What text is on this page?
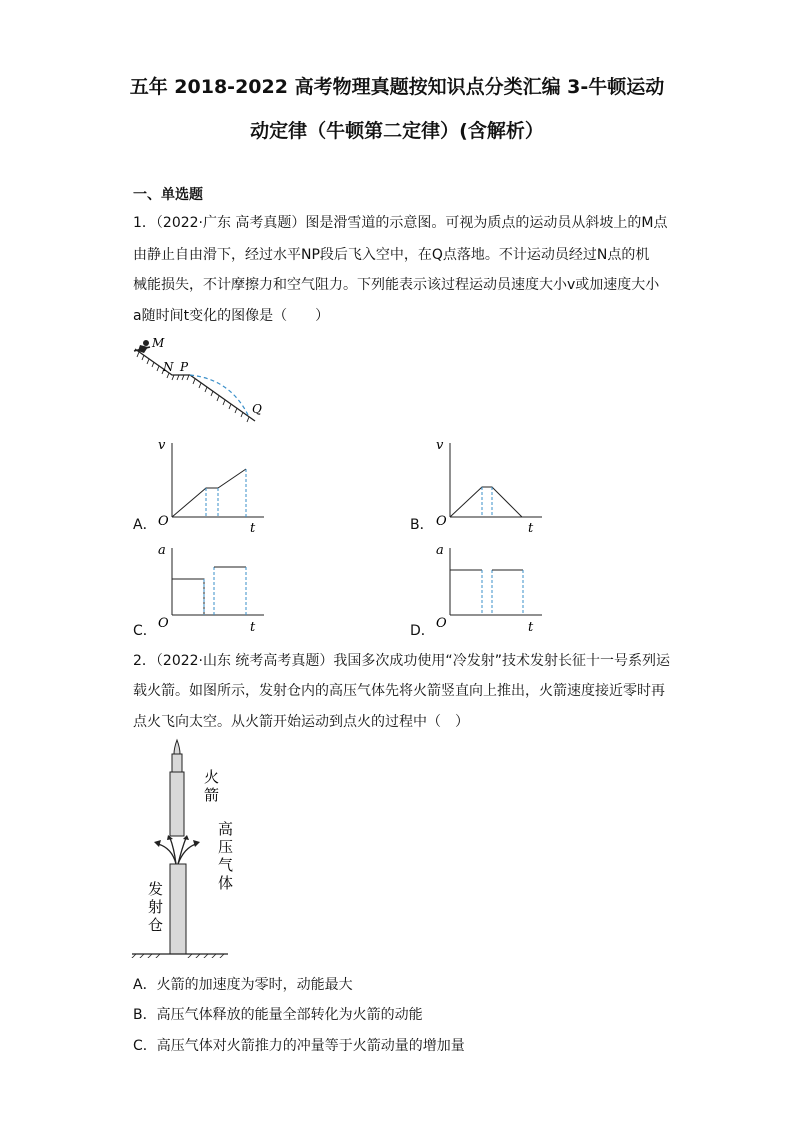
五年 2018-2022 高考物理真题按知识点分类汇编 3-牛顿运动
动定律（牛顿第二定律）(含解析）
一、单选题
1．（2022·广东 高考真题）图是滑雪道的示意图。可视为质点的运动员从斜坡上的M点
由静止自由滑下，经过水平NP段后飞入空中，在Q点落地。不计运动员经过N点的机
械能损失，不计摩擦力和空气阻力。下列能表示该过程运动员速度大小v或加速度大小
a随时间t变化的图像是（　　）
M
N P
Q
A．
v
t
O	B．
v
t
O
C．
a
t
O	D．
a
t
O
2．（2022·山东 统考高考真题）我国多次成功使用“冷发射”技术发射长征十一号系列运
载火箭。如图所示，发射仓内的高压气体先将火箭竖直向上推出，火箭速度接近零时再
点火飞向太空。从火箭开始运动到点火的过程中（　）
火
箭
高
压
气
体
发
射
仓
A．火箭的加速度为零时，动能最大
B．高压气体释放的能量全部转化为火箭的动能
C．高压气体对火箭推力的冲量等于火箭动量的增加量
